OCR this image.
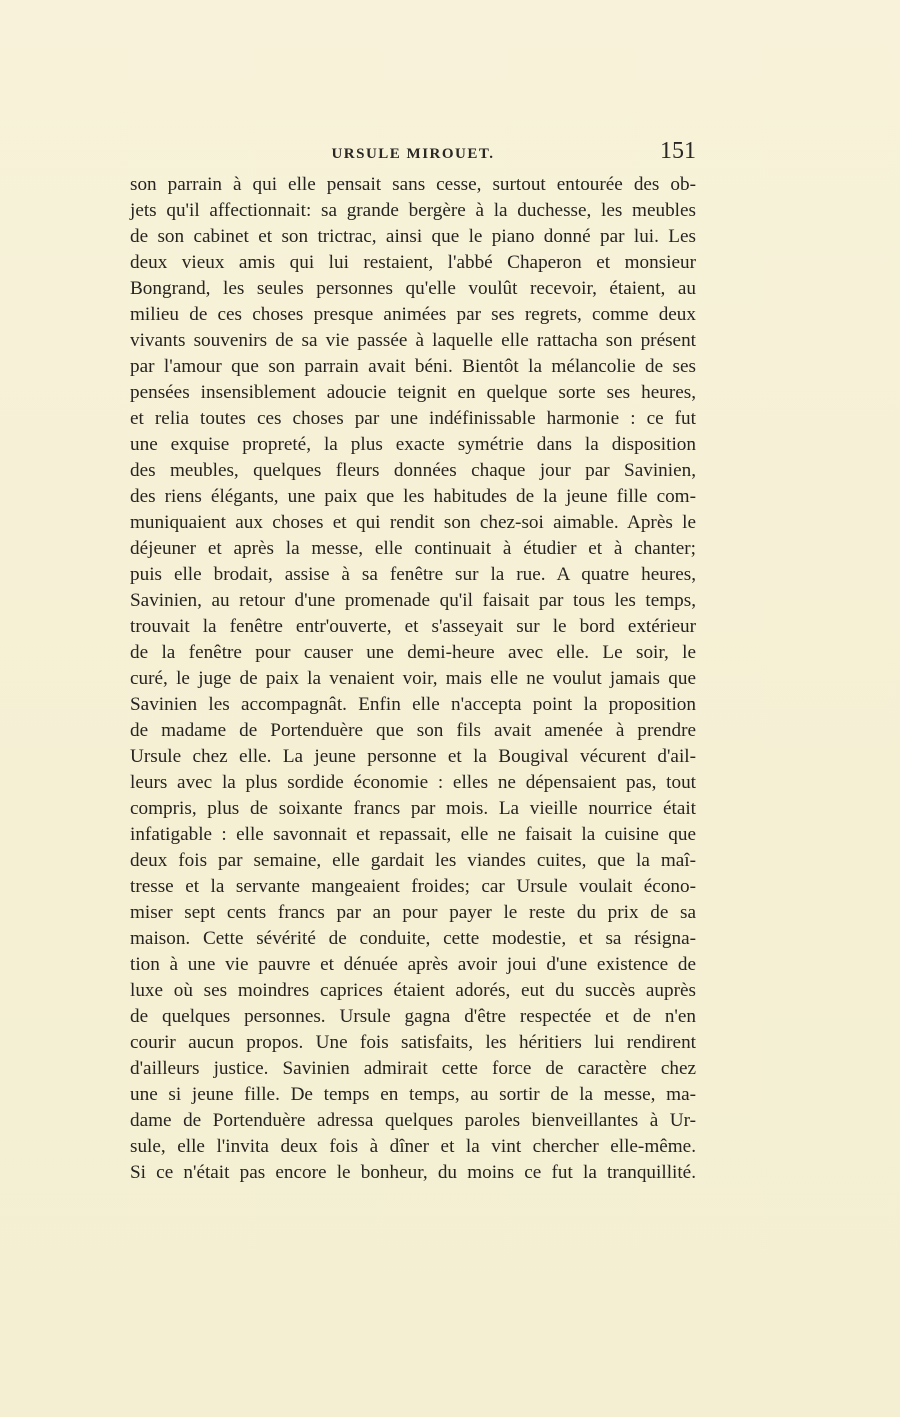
URSULE MIROUET.	151
son parrain à qui elle pensait sans cesse, surtout entourée des ob-
jets qu'il affectionnait: sa grande bergère à la duchesse, les meubles
de son cabinet et son trictrac, ainsi que le piano donné par lui. Les
deux vieux amis qui lui restaient, l'abbé Chaperon et monsieur
Bongrand, les seules personnes qu'elle voulût recevoir, étaient, au
milieu de ces choses presque animées par ses regrets, comme deux
vivants souvenirs de sa vie passée à laquelle elle rattacha son présent
par l'amour que son parrain avait béni. Bientôt la mélancolie de ses
pensées insensiblement adoucie teignit en quelque sorte ses heures,
et relia toutes ces choses par une indéfinissable harmonie : ce fut
une exquise propreté, la plus exacte symétrie dans la disposition
des meubles, quelques fleurs données chaque jour par Savinien,
des riens élégants, une paix que les habitudes de la jeune fille com-
muniquaient aux choses et qui rendit son chez-soi aimable. Après le
déjeuner et après la messe, elle continuait à étudier et à chanter;
puis elle brodait, assise à sa fenêtre sur la rue. A quatre heures,
Savinien, au retour d'une promenade qu'il faisait par tous les temps,
trouvait la fenêtre entr'ouverte, et s'asseyait sur le bord extérieur
de la fenêtre pour causer une demi-heure avec elle. Le soir, le
curé, le juge de paix la venaient voir, mais elle ne voulut jamais que
Savinien les accompagnât. Enfin elle n'accepta point la proposition
de madame de Portenduère que son fils avait amenée à prendre
Ursule chez elle. La jeune personne et la Bougival vécurent d'ail-
leurs avec la plus sordide économie : elles ne dépensaient pas, tout
compris, plus de soixante francs par mois. La vieille nourrice était
infatigable : elle savonnait et repassait, elle ne faisait la cuisine que
deux fois par semaine, elle gardait les viandes cuites, que la maî-
tresse et la servante mangeaient froides; car Ursule voulait écono-
miser sept cents francs par an pour payer le reste du prix de sa
maison. Cette sévérité de conduite, cette modestie, et sa résigna-
tion à une vie pauvre et dénuée après avoir joui d'une existence de
luxe où ses moindres caprices étaient adorés, eut du succès auprès
de quelques personnes. Ursule gagna d'être respectée et de n'en
courir aucun propos. Une fois satisfaits, les héritiers lui rendirent
d'ailleurs justice. Savinien admirait cette force de caractère chez
une si jeune fille. De temps en temps, au sortir de la messe, ma-
dame de Portenduère adressa quelques paroles bienveillantes à Ur-
sule, elle l'invita deux fois à dîner et la vint chercher elle-même.
Si ce n'était pas encore le bonheur, du moins ce fut la tranquillité.
